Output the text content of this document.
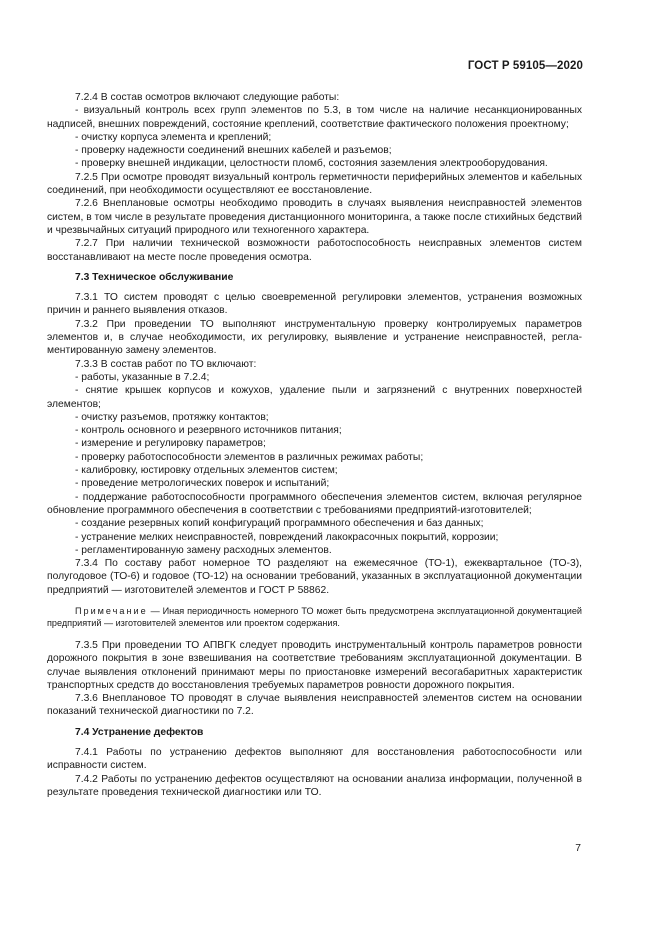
ГОСТ Р 59105—2020

7.2.4 В состав осмотров включают следующие работы:

- визуальный контроль всех групп элементов по 5.3, в том числе на наличие несанкционированных надписей, внешних повреждений, состояние креплений, соответствие фактического положения проектному;

- очистку корпуса элемента и креплений;

- проверку надежности соединений внешних кабелей и разъемов;

- проверку внешней индикации, целостности пломб, состояния заземления электрооборудования.

7.2.5 При осмотре проводят визуальный контроль герметичности периферийных элементов и кабельных соединений, при необходимости осуществляют ее восстановление.

7.2.6 Внеплановые осмотры необходимо проводить в случаях выявления неисправностей элементов систем, в том числе в результате проведения дистанционного мониторинга, а также после стихийных бедствий и чрезвычайных ситуаций природного или техногенного характера.

7.2.7 При наличии технической возможности работоспособность неисправных элементов систем восстанавливают на месте после проведения осмотра.

7.3 Техническое обслуживание

7.3.1 ТО систем проводят с целью своевременной регулировки элементов, устранения возможных причин и раннего выявления отказов.

7.3.2 При проведении ТО выполняют инструментальную проверку контролируемых параметров элементов и, в случае необходимости, их регулировку, выявление и устранение неисправностей, регламентированную замену элементов.

7.3.3 В состав работ по ТО включают:

- работы, указанные в 7.2.4;

- снятие крышек корпусов и кожухов, удаление пыли и загрязнений с внутренних поверхностей элементов;

- очистку разъемов, протяжку контактов;

- контроль основного и резервного источников питания;

- измерение и регулировку параметров;

- проверку работоспособности элементов в различных режимах работы;

- калибровку, юстировку отдельных элементов систем;

- проведение метрологических поверок и испытаний;

- поддержание работоспособности программного обеспечения элементов систем, включая регулярное обновление программного обеспечения в соответствии с требованиями предприятий-изготовителей;

- создание резервных копий конфигураций программного обеспечения и баз данных;

- устранение мелких неисправностей, повреждений лакокрасочных покрытий, коррозии;

- регламентированную замену расходных элементов.

7.3.4 По составу работ номерное ТО разделяют на ежемесячное (ТО-1), ежеквартальное (ТО-3), полугодовое (ТО-6) и годовое (ТО-12) на основании требований, указанных в эксплуатационной документации предприятий — изготовителей элементов и ГОСТ Р 58862.

Примечание — Иная периодичность номерного ТО может быть предусмотрена эксплуатационной документацией предприятий — изготовителей элементов или проектом содержания.

7.3.5 При проведении ТО АПВГК следует проводить инструментальный контроль параметров ровности дорожного покрытия в зоне взвешивания на соответствие требованиям эксплуатационной документации. В случае выявления отклонений принимают меры по приостановке измерений весогабаритных характеристик транспортных средств до восстановления требуемых параметров ровности дорожного покрытия.

7.3.6 Внеплановое ТО проводят в случае выявления неисправностей элементов систем на основании показаний технической диагностики по 7.2.

7.4 Устранение дефектов

7.4.1 Работы по устранению дефектов выполняют для восстановления работоспособности или исправности систем.

7.4.2 Работы по устранению дефектов осуществляют на основании анализа информации, полученной в результате проведения технической диагностики или ТО.

7
